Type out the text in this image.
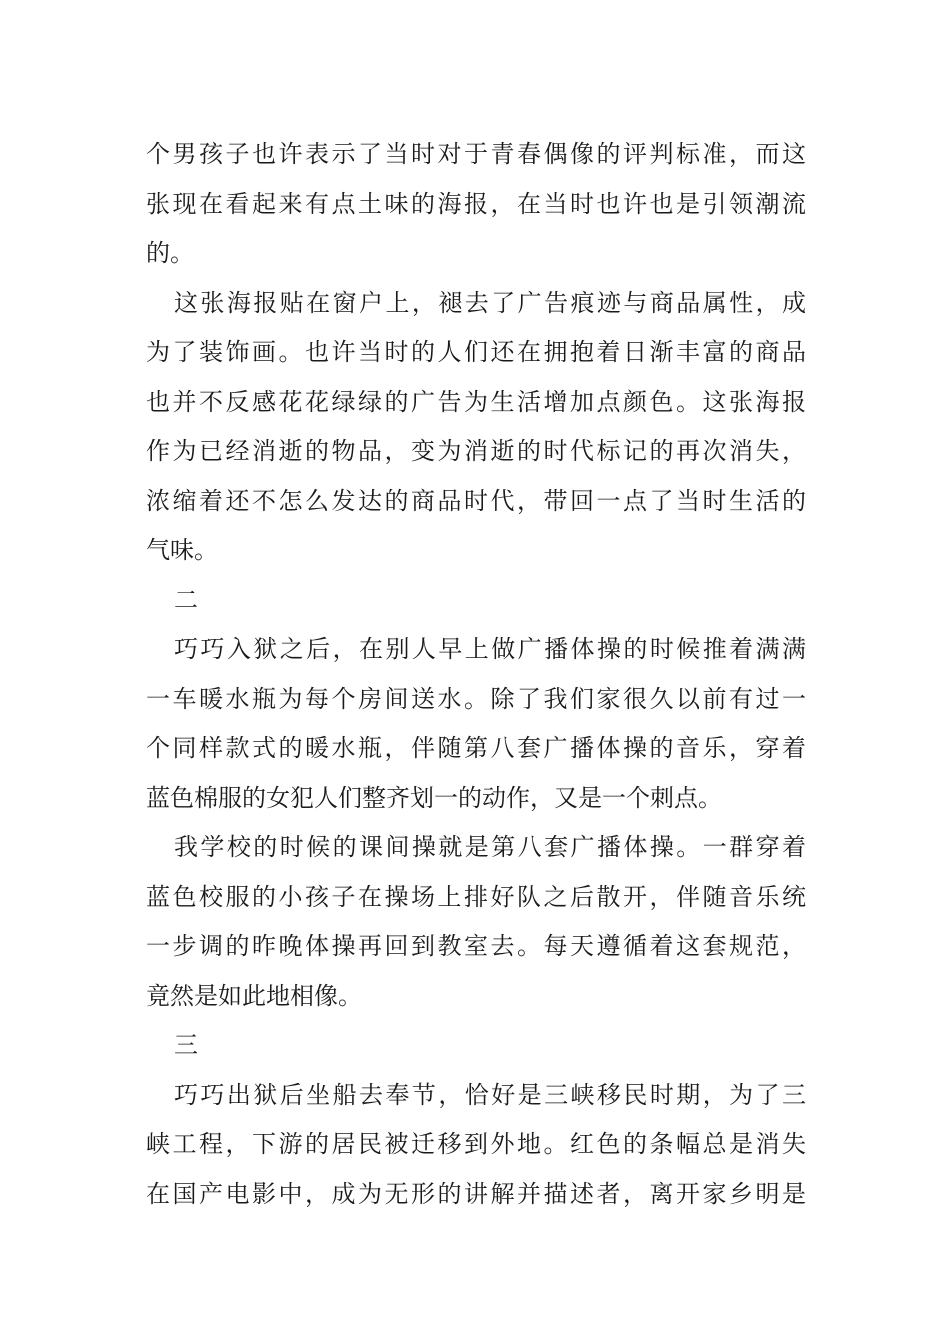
个男孩子也许表示了当时对于青春偶像的评判标准，而这
张现在看起来有点土味的海报，在当时也许也是引领潮流
的。
这张海报贴在窗户上，褪去了广告痕迹与商品属性，成
为了装饰画。也许当时的人们还在拥抱着日渐丰富的商品
也并不反感花花绿绿的广告为生活增加点颜色。这张海报
作为已经消逝的物品，变为消逝的时代标记的再次消失，
浓缩着还不怎么发达的商品时代，带回一点了当时生活的
气味。
二
巧巧入狱之后，在别人早上做广播体操的时候推着满满
一车暖水瓶为每个房间送水。除了我们家很久以前有过一
个同样款式的暖水瓶，伴随第八套广播体操的音乐，穿着
蓝色棉服的女犯人们整齐划一的动作，又是一个刺点。
我学校的时候的课间操就是第八套广播体操。一群穿着
蓝色校服的小孩子在操场上排好队之后散开，伴随音乐统
一步调的昨晚体操再回到教室去。每天遵循着这套规范，
竟然是如此地相像。
三
巧巧出狱后坐船去奉节，恰好是三峡移民时期，为了三
峡工程，下游的居民被迁移到外地。红色的条幅总是消失
在国产电影中，成为无形的讲解并描述者，离开家乡明是
